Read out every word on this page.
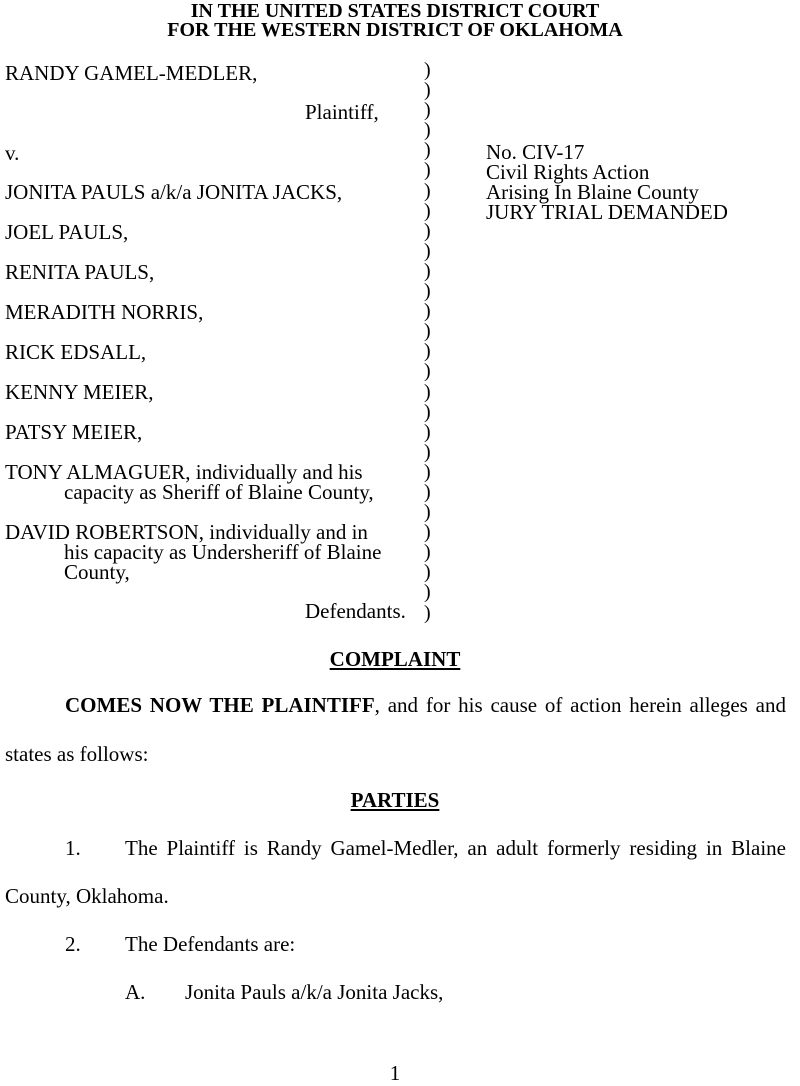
IN THE UNITED STATES DISTRICT COURT
FOR THE WESTERN DISTRICT OF OKLAHOMA
RANDY GAMEL-MEDLER,
Plaintiff,
v.
JONITA PAULS a/k/a JONITA JACKS,
JOEL PAULS,
RENITA PAULS,
MERADITH NORRIS,
RICK EDSALL,
KENNY MEIER,
PATSY MEIER,
TONY ALMAGUER, individually and his
capacity as Sheriff of Blaine County,
DAVID ROBERTSON, individually and in
his capacity as Undersheriff of Blaine
County,
Defendants.
)
)
)
)
)
)
)
)
)
)
)
)
)
)
)
)
)
)
)
)
)
)
)
)
)
)
)
)
No. CIV-17
Civil Rights Action
Arising In Blaine County
JURY TRIAL DEMANDED
COMPLAINT
COMES NOW THE PLAINTIFF, and for his cause of action herein alleges and
states as follows:
PARTIES
1. The Plaintiff is Randy Gamel-Medler, an adult formerly residing in Blaine
County, Oklahoma.
2. The Defendants are:
A. Jonita Pauls a/k/a Jonita Jacks,
1
